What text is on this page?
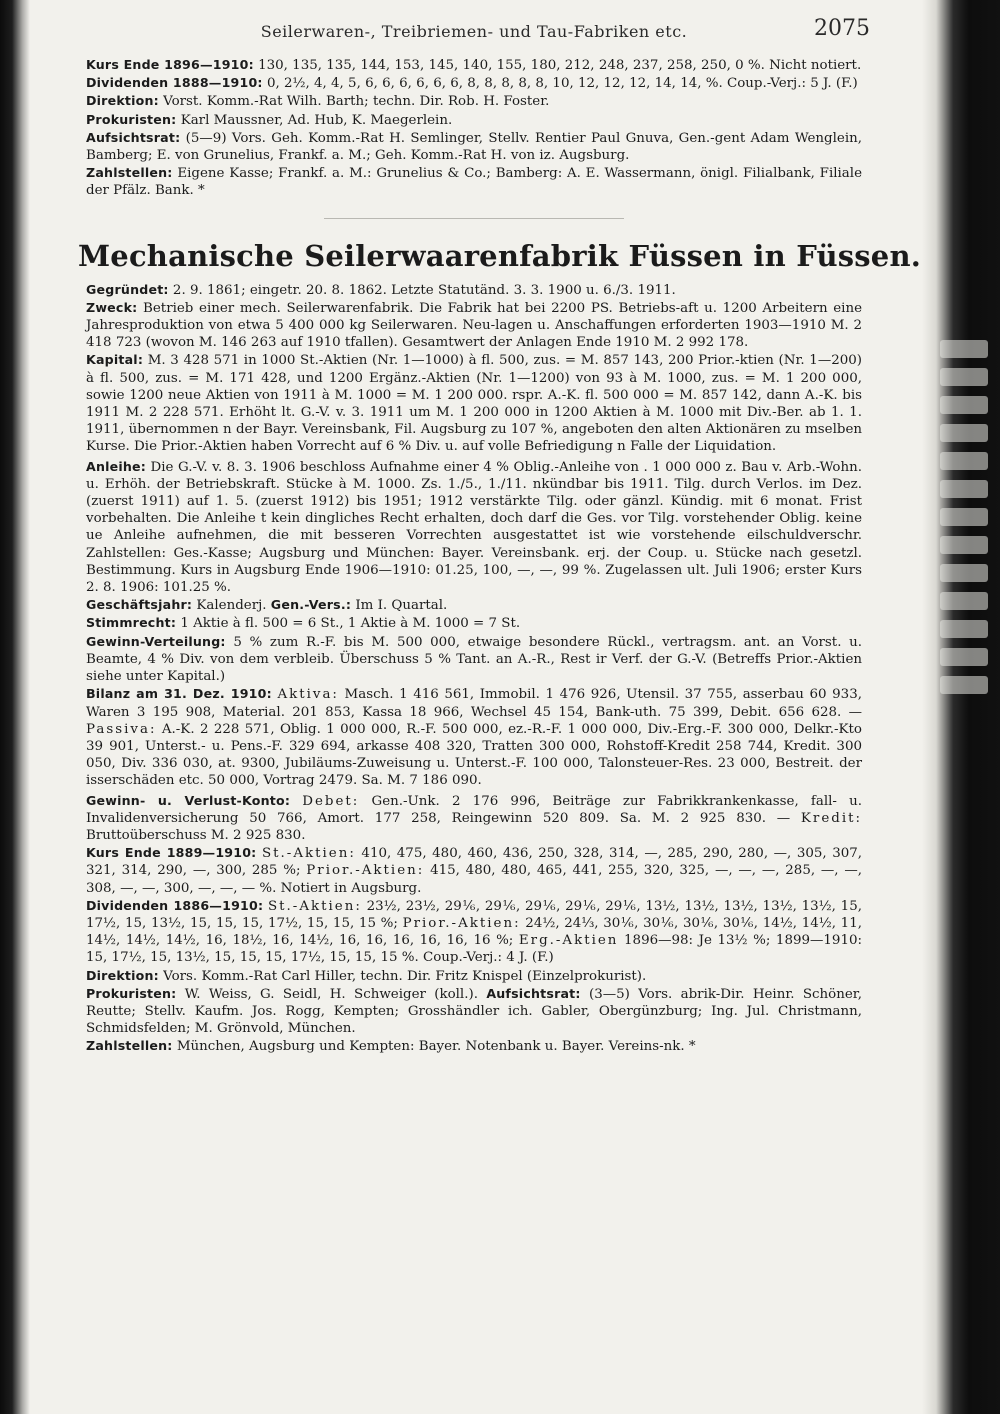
Seilerwaren-, Treibriemen- und Tau-Fabriken etc.	2075

Kurs Ende 1896—1910: 130, 135, 135, 144, 153, 145, 140, 155, 180, 212, 248, 237, 258, 250, 0 %. Nicht notiert.

Dividenden 1888—1910: 0, 2½, 4, 4, 5, 6, 6, 6, 6, 6, 6, 8, 8, 8, 8, 8, 10, 12, 12, 12, 14, 14, %. Coup.-Verj.: 5 J. (F.)

Direktion: Vorst. Komm.-Rat Wilh. Barth; techn. Dir. Rob. H. Foster.

Prokuristen: Karl Maussner, Ad. Hub, K. Maegerlein.

Aufsichtsrat: (5—9) Vors. Geh. Komm.-Rat H. Semlinger, Stellv. Rentier Paul Gnuva, Gen.-gent Adam Wenglein, Bamberg; E. von Grunelius, Frankf. a. M.; Geh. Komm.-Rat H. von iz. Augsburg.

Zahlstellen: Eigene Kasse; Frankf. a. M.: Grunelius & Co.; Bamberg: A. E. Wassermann, önigl. Filialbank, Filiale der Pfälz. Bank. *

Mechanische Seilerwaarenfabrik Füssen in Füssen.

Gegründet: 2. 9. 1861; eingetr. 20. 8. 1862. Letzte Statutänd. 3. 3. 1900 u. 6./3. 1911.

Zweck: Betrieb einer mech. Seilerwarenfabrik. Die Fabrik hat bei 2200 PS. Betriebs-aft u. 1200 Arbeitern eine Jahresproduktion von etwa 5 400 000 kg Seilerwaren. Neu-lagen u. Anschaffungen erforderten 1903—1910 M. 2 418 723 (wovon M. 146 263 auf 1910 tfallen). Gesamtwert der Anlagen Ende 1910 M. 2 992 178.

Kapital: M. 3 428 571 in 1000 St.-Aktien (Nr. 1—1000) à fl. 500, zus. = M. 857 143, 200 Prior.-ktien (Nr. 1—200) à fl. 500, zus. = M. 171 428, und 1200 Ergänz.-Aktien (Nr. 1—1200) von 93 à M. 1000, zus. = M. 1 200 000, sowie 1200 neue Aktien von 1911 à M. 1000 = M. 1 200 000. rspr. A.-K. fl. 500 000 = M. 857 142, dann A.-K. bis 1911 M. 2 228 571. Erhöht lt. G.-V. v. 3. 1911 um M. 1 200 000 in 1200 Aktien à M. 1000 mit Div.-Ber. ab 1. 1. 1911, übernommen n der Bayr. Vereinsbank, Fil. Augsburg zu 107 %, angeboten den alten Aktionären zu mselben Kurse. Die Prior.-Aktien haben Vorrecht auf 6 % Div. u. auf volle Befriedigung n Falle der Liquidation.

Anleihe: Die G.-V. v. 8. 3. 1906 beschloss Aufnahme einer 4 % Oblig.-Anleihe von . 1 000 000 z. Bau v. Arb.-Wohn. u. Erhöh. der Betriebskraft. Stücke à M. 1000. Zs. 1./5., 1./11. nkündbar bis 1911. Tilg. durch Verlos. im Dez. (zuerst 1911) auf 1. 5. (zuerst 1912) bis 1951; 1912 verstärkte Tilg. oder gänzl. Kündig. mit 6 monat. Frist vorbehalten. Die Anleihe t kein dingliches Recht erhalten, doch darf die Ges. vor Tilg. vorstehender Oblig. keine ue Anleihe aufnehmen, die mit besseren Vorrechten ausgestattet ist wie vorstehende eilschuldverschr. Zahlstellen: Ges.-Kasse; Augsburg und München: Bayer. Vereinsbank. erj. der Coup. u. Stücke nach gesetzl. Bestimmung. Kurs in Augsburg Ende 1906—1910: 01.25, 100, —, —, 99 %. Zugelassen ult. Juli 1906; erster Kurs 2. 8. 1906: 101.25 %.

Geschäftsjahr: Kalenderj. Gen.-Vers.: Im I. Quartal.

Stimmrecht: 1 Aktie à fl. 500 = 6 St., 1 Aktie à M. 1000 = 7 St.

Gewinn-Verteilung: 5 % zum R.-F. bis M. 500 000, etwaige besondere Rückl., vertragsm. ant. an Vorst. u. Beamte, 4 % Div. von dem verbleib. Überschuss 5 % Tant. an A.-R., Rest ir Verf. der G.-V. (Betreffs Prior.-Aktien siehe unter Kapital.)

Bilanz am 31. Dez. 1910: Aktiva: Masch. 1 416 561, Immobil. 1 476 926, Utensil. 37 755, asserbau 60 933, Waren 3 195 908, Material. 201 853, Kassa 18 966, Wechsel 45 154, Bank-uth. 75 399, Debit. 656 628. — Passiva: A.-K. 2 228 571, Oblig. 1 000 000, R.-F. 500 000, ez.-R.-F. 1 000 000, Div.-Erg.-F. 300 000, Delkr.-Kto 39 901, Unterst.- u. Pens.-F. 329 694, arkasse 408 320, Tratten 300 000, Rohstoff-Kredit 258 744, Kredit. 300 050, Div. 336 030, at. 9300, Jubiläums-Zuweisung u. Unterst.-F. 100 000, Talonsteuer-Res. 23 000, Bestreit. der isserschäden etc. 50 000, Vortrag 2479. Sa. M. 7 186 090.

Gewinn- u. Verlust-Konto: Debet: Gen.-Unk. 2 176 996, Beiträge zur Fabrikkrankenkasse, fall- u. Invalidenversicherung 50 766, Amort. 177 258, Reingewinn 520 809. Sa. M. 2 925 830. — Kredit: Bruttoüberschuss M. 2 925 830.

Kurs Ende 1889—1910: St.-Aktien: 410, 475, 480, 460, 436, 250, 328, 314, —, 285, 290, 280, —, 305, 307, 321, 314, 290, —, 300, 285 %; Prior.-Aktien: 415, 480, 480, 465, 441, 255, 320, 325, —, —, —, 285, —, —, 308, —, —, 300, —, —, — %. Notiert in Augsburg.

Dividenden 1886—1910: St.-Aktien: 23½, 23½, 29⅙, 29⅙, 29⅙, 29⅙, 29⅙, 13½, 13½, 13½, 13½, 13½, 15, 17½, 15, 13½, 15, 15, 15, 17½, 15, 15, 15 %; Prior.-Aktien: 24½, 24⅓, 30⅙, 30⅙, 30⅙, 30⅙, 14½, 14½, 11, 14½, 14½, 14½, 16, 18½, 16, 14½, 16, 16, 16, 16, 16, 16 %; Erg.-Aktien 1896—98: Je 13½ %; 1899—1910: 15, 17½, 15, 13½, 15, 15, 15, 17½, 15, 15, 15 %. Coup.-Verj.: 4 J. (F.)

Direktion: Vors. Komm.-Rat Carl Hiller, techn. Dir. Fritz Knispel (Einzelprokurist).

Prokuristen: W. Weiss, G. Seidl, H. Schweiger (koll.). Aufsichtsrat: (3—5) Vors. abrik-Dir. Heinr. Schöner, Reutte; Stellv. Kaufm. Jos. Rogg, Kempten; Grosshändler ich. Gabler, Obergünzburg; Ing. Jul. Christmann, Schmidsfelden; M. Grönvold, München.

Zahlstellen: München, Augsburg und Kempten: Bayer. Notenbank u. Bayer. Vereins-nk. *
